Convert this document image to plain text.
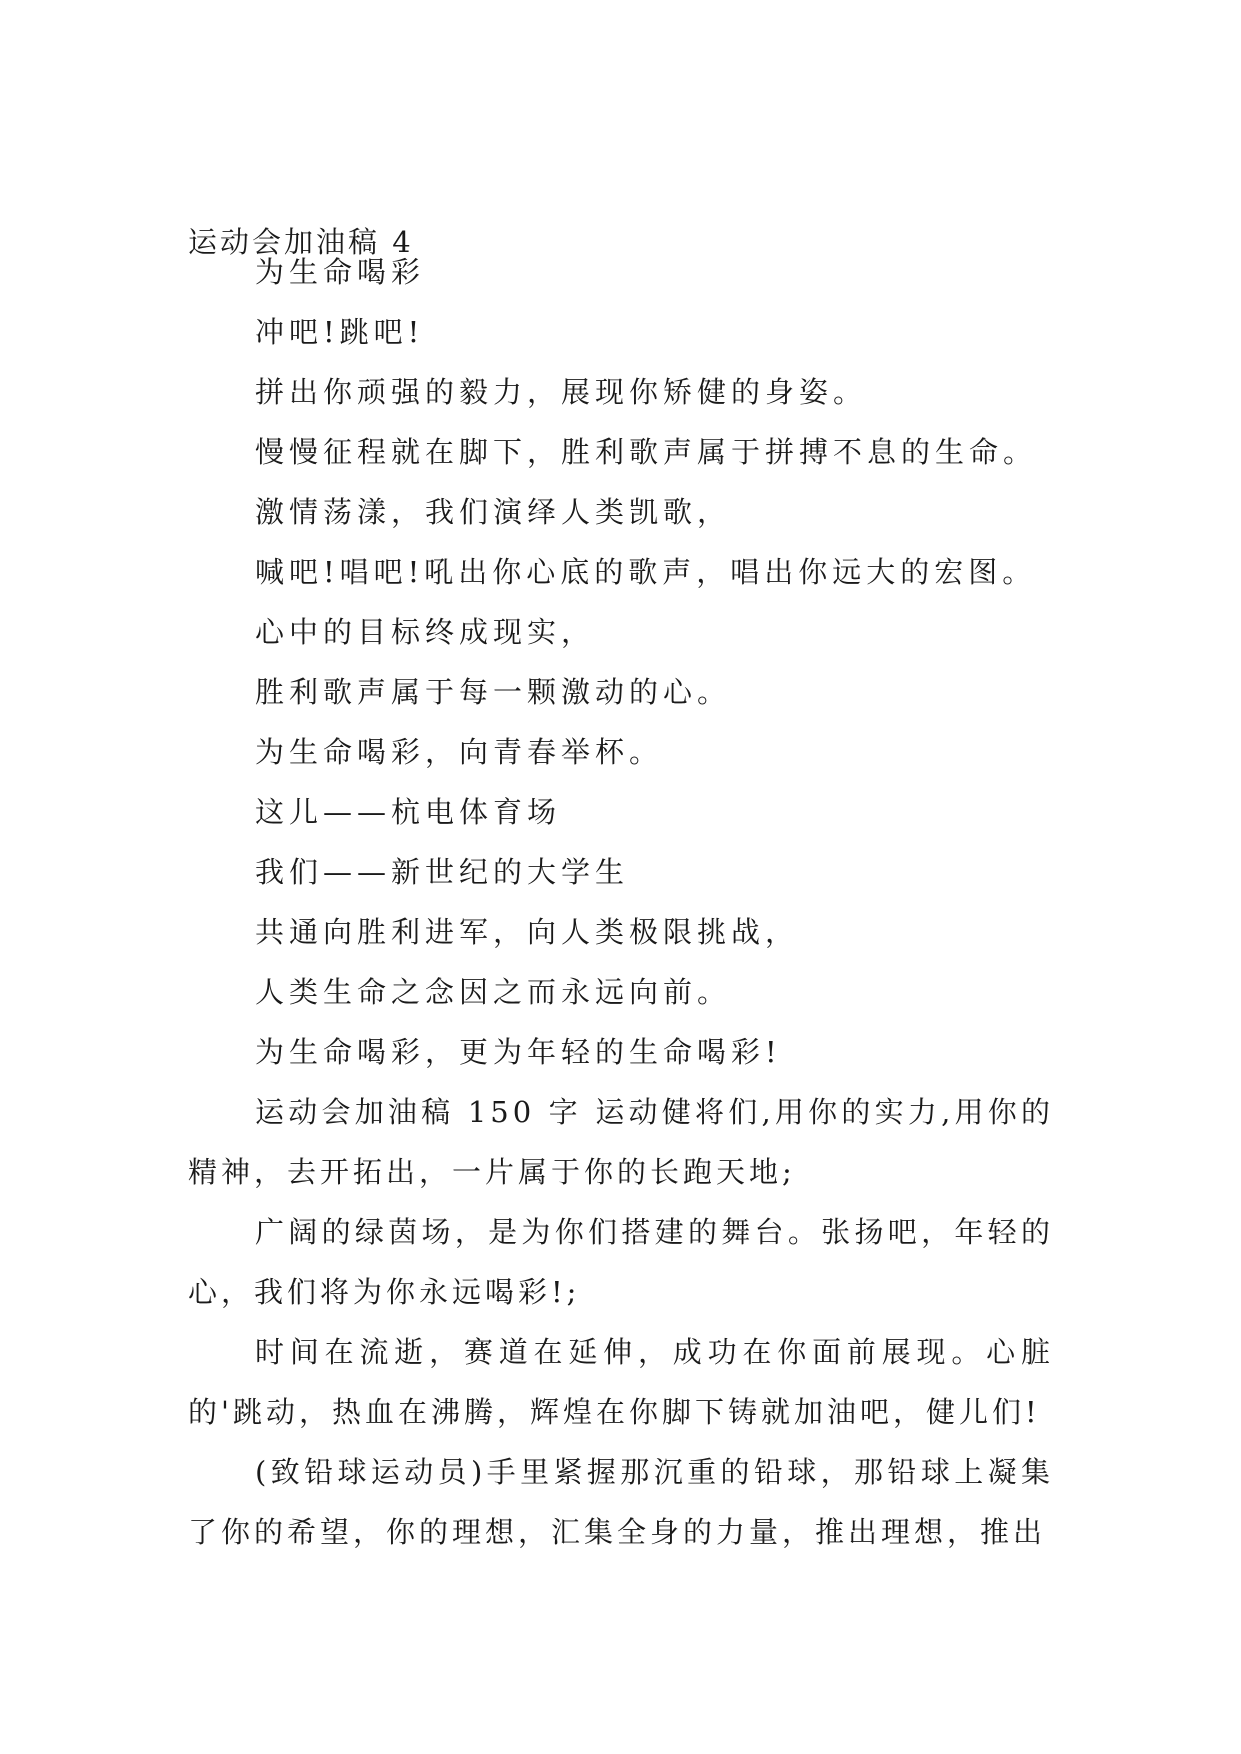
运动会加油稿 4
为生命喝彩
冲吧!跳吧!
拼出你顽强的毅力，展现你矫健的身姿。
慢慢征程就在脚下，胜利歌声属于拼搏不息的生命。
激情荡漾，我们演绎人类凯歌，
喊吧!唱吧!吼出你心底的歌声，唱出你远大的宏图。
心中的目标终成现实，
胜利歌声属于每一颗激动的心。
为生命喝彩，向青春举杯。
这儿——杭电体育场
我们——新世纪的大学生
共通向胜利进军，向人类极限挑战，
人类生命之念因之而永远向前。
为生命喝彩，更为年轻的生命喝彩!
运动会加油稿 150 字 运动健将们,用你的实力,用你的精神，去开拓出，一片属于你的长跑天地;
广阔的绿茵场，是为你们搭建的舞台。张扬吧，年轻的心，我们将为你永远喝彩!;
时间在流逝，赛道在延伸，成功在你面前展现。心脏的'跳动，热血在沸腾，辉煌在你脚下铸就加油吧，健儿们!
(致铅球运动员)手里紧握那沉重的铅球，那铅球上凝集了你的希望，你的理想，汇集全身的力量，推出理想，推出
